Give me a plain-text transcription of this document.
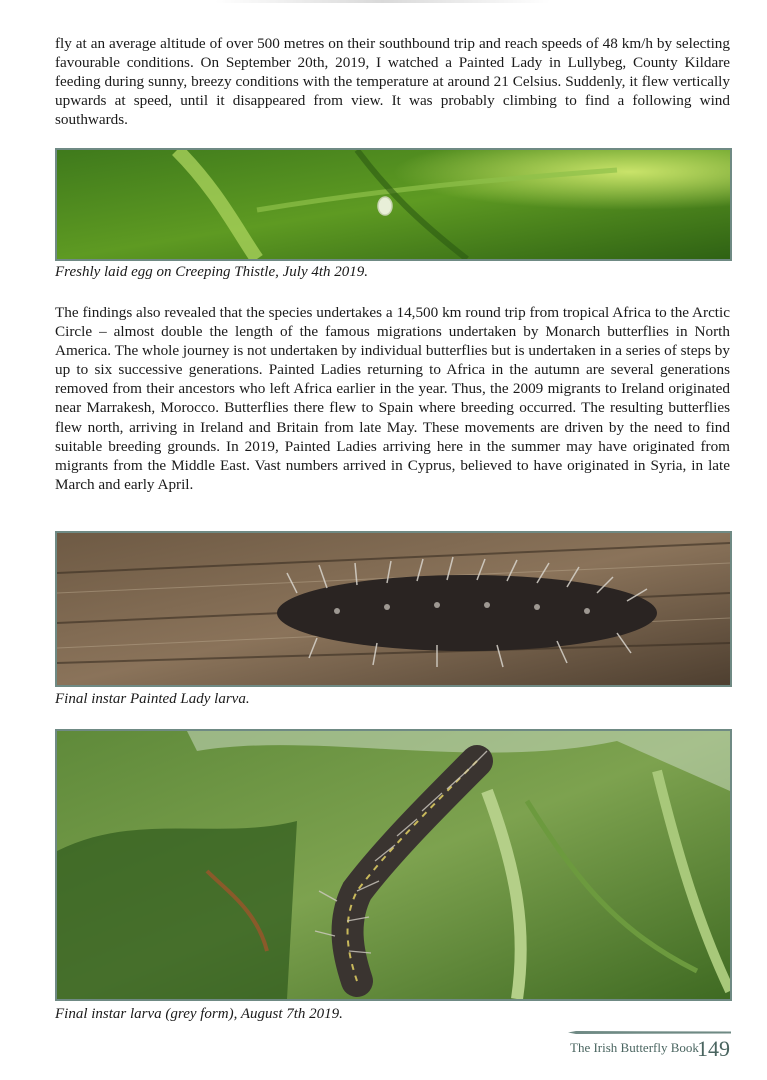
fly at an average altitude of over 500 metres on their southbound trip and reach speeds of 48 km/h by selecting favourable conditions. On September 20th, 2019, I watched a Painted Lady in Lullybeg, County Kildare feeding during sunny, breezy conditions with the temperature at around 21 Celsius. Suddenly, it flew vertically upwards at speed, until it disappeared from view. It was probably climbing to find a following wind southwards.

Freshly laid egg on Creeping Thistle, July 4th 2019.

The findings also revealed that the species undertakes a 14,500 km round trip from tropical Africa to the Arctic Circle – almost double the length of the famous migrations undertaken by Monarch butterflies in North America. The whole journey is not undertaken by individual butterflies but is undertaken in a series of steps by up to six successive generations. Painted Ladies returning to Africa in the autumn are several generations removed from their ancestors who left Africa earlier in the year. Thus, the 2009 migrants to Ireland originated near Marrakesh, Morocco. Butterflies there flew to Spain where breeding occurred. The resulting butterflies flew north, arriving in Ireland and Britain from late May. These movements are driven by the need to find suitable breeding grounds. In 2019, Painted Ladies arriving here in the summer may have originated from migrants from the Middle East. Vast numbers arrived in Cyprus, believed to have originated in Syria, in late March and early April.

Final instar Painted Lady larva.

Final instar larva (grey form), August 7th 2019.

The Irish Butterfly Book
149
